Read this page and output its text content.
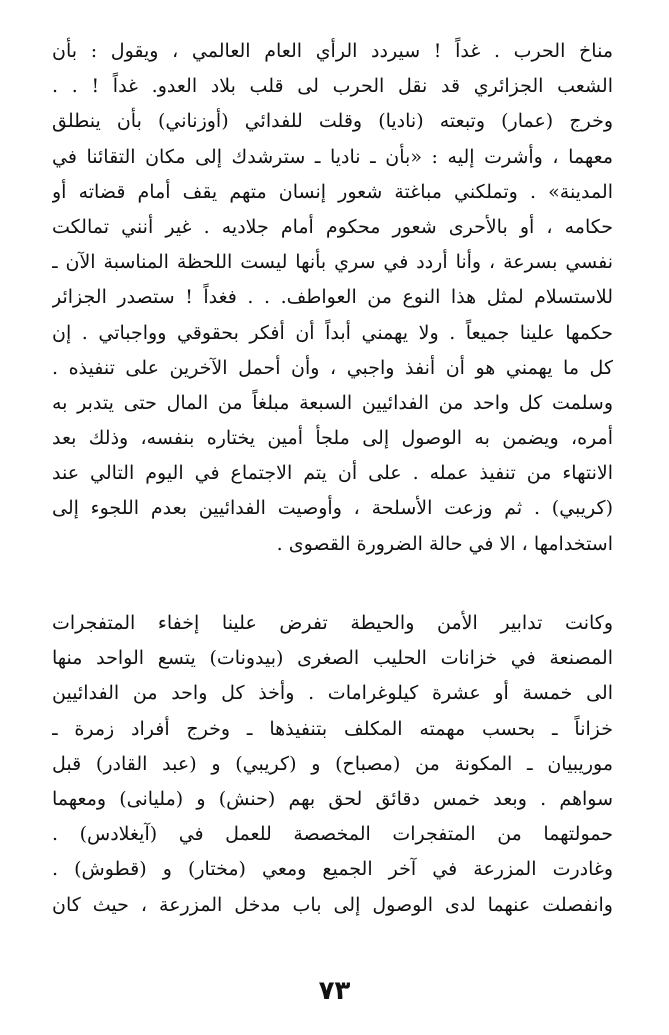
مناخ الحرب . غداً ! سيردد الرأي العام العالمي ، ويقول : بأن
الشعب الجزائري قد نقل الحرب لى قلب بلاد العدو. غداً ! . .
وخرج (عمار) وتبعته (ناديا) وقلت للفدائي (أوزناني) بأن ينطلق
معهما ، وأشرت إليه : «بأن ـ ناديا ـ سترشدك إلى مكان التقائنا في
المدينة» . وتملكني مباغتة شعور إنسان متهم يقف أمام قضاته أو
حكامه ، أو بالأحرى شعور محكوم أمام جلاديه . غير أنني تمالكت
نفسي بسرعة ، وأنا أردد في سري بأنها ليست اللحظة المناسبة الآن ـ
للاستسلام لمثل هذا النوع من العواطف. . . فغداً ! ستصدر الجزائر
حكمها علينا جميعاً . ولا يهمني أبداً أن أفكر بحقوقي وواجباتي . إن
كل ما يهمني هو أن أنفذ واجبي ، وأن أحمل الآخرين على تنفيذه .
وسلمت كل واحد من الفدائيين السبعة مبلغاً من المال حتى يتدبر به
أمره، ويضمن به الوصول إلى ملجأ أمين يختاره بنفسه، وذلك بعد
الانتهاء من تنفيذ عمله . على أن يتم الاجتماع في اليوم التالي عند
(كريبي) . ثم وزعت الأسلحة ، وأوصيت الفدائيين بعدم اللجوء إلى
استخدامها ، الا في حالة الضرورة القصوى .
وكانت تدابير الأمن والحيطة تفرض علينا إخفاء المتفجرات
المصنعة في خزانات الحليب الصغرى (بيدونات) يتسع الواحد منها
الى خمسة أو عشرة كيلوغرامات . وأخذ كل واحد من الفدائيين
خزاناً ـ بحسب مهمته المكلف بتنفيذها ـ وخرج أفراد زمرة ـ
موريبيان ـ المكونة من (مصباح) و (كريبي) و (عبد القادر) قبل
سواهم . وبعد خمس دقائق لحق بهم (حنش) و (مليانى) ومعهما
حمولتهما من المتفجرات المخصصة للعمل في (آيغلادس) .
وغادرت المزرعة في آخر الجميع ومعي (مختار) و (قطوش) .
وانفصلت عنهما لدى الوصول إلى باب مدخل المزرعة ، حيث كان
٧٣
